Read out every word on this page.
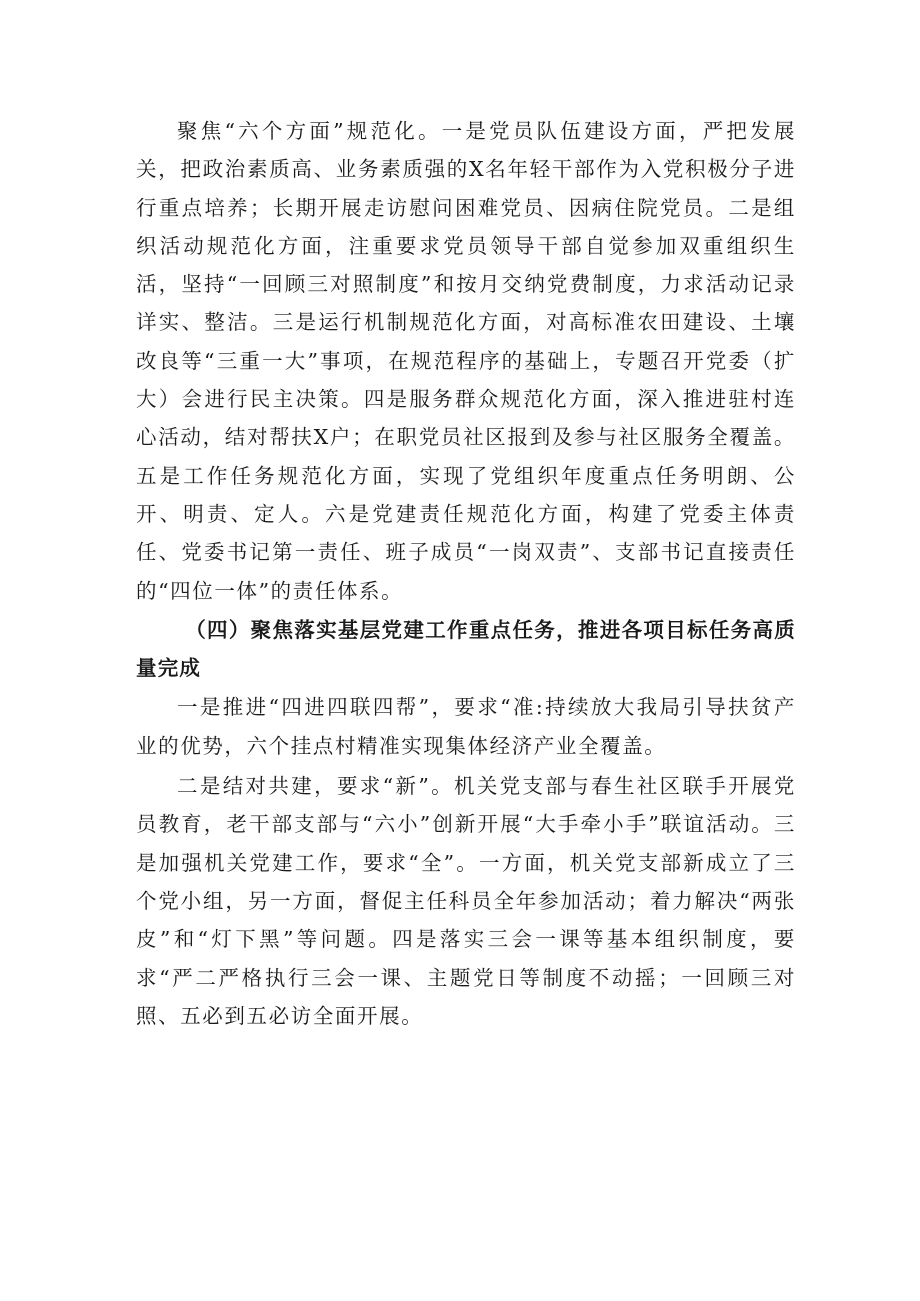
聚焦“六个方面”规范化。一是党员队伍建设方面，严把发展关，把政治素质高、业务素质强的X名年轻干部作为入党积极分子进行重点培养；长期开展走访慰问困难党员、因病住院党员。二是组织活动规范化方面，注重要求党员领导干部自觉参加双重组织生活，坚持“一回顾三对照制度”和按月交纳党费制度，力求活动记录详实、整洁。三是运行机制规范化方面，对高标准农田建设、土壤改良等“三重一大”事项，在规范程序的基础上，专题召开党委（扩大）会进行民主决策。四是服务群众规范化方面，深入推进驻村连心活动，结对帮扶X户；在职党员社区报到及参与社区服务全覆盖。五是工作任务规范化方面，实现了党组织年度重点任务明朗、公开、明责、定人。六是党建责任规范化方面，构建了党委主体责任、党委书记第一责任、班子成员“一岗双责”、支部书记直接责任的“四位一体”的责任体系。

（四）聚焦落实基层党建工作重点任务，推进各项目标任务高质量完成

一是推进“四进四联四帮”，要求“准:持续放大我局引导扶贫产业的优势，六个挂点村精准实现集体经济产业全覆盖。

二是结对共建，要求“新”。机关党支部与春生社区联手开展党员教育，老干部支部与“六小”创新开展“大手牵小手”联谊活动。三是加强机关党建工作，要求“全”。一方面，机关党支部新成立了三个党小组，另一方面，督促主任科员全年参加活动；着力解决“两张皮”和“灯下黑”等问题。四是落实三会一课等基本组织制度，要求“严二严格执行三会一课、主题党日等制度不动摇；一回顾三对照、五必到五必访全面开展。
